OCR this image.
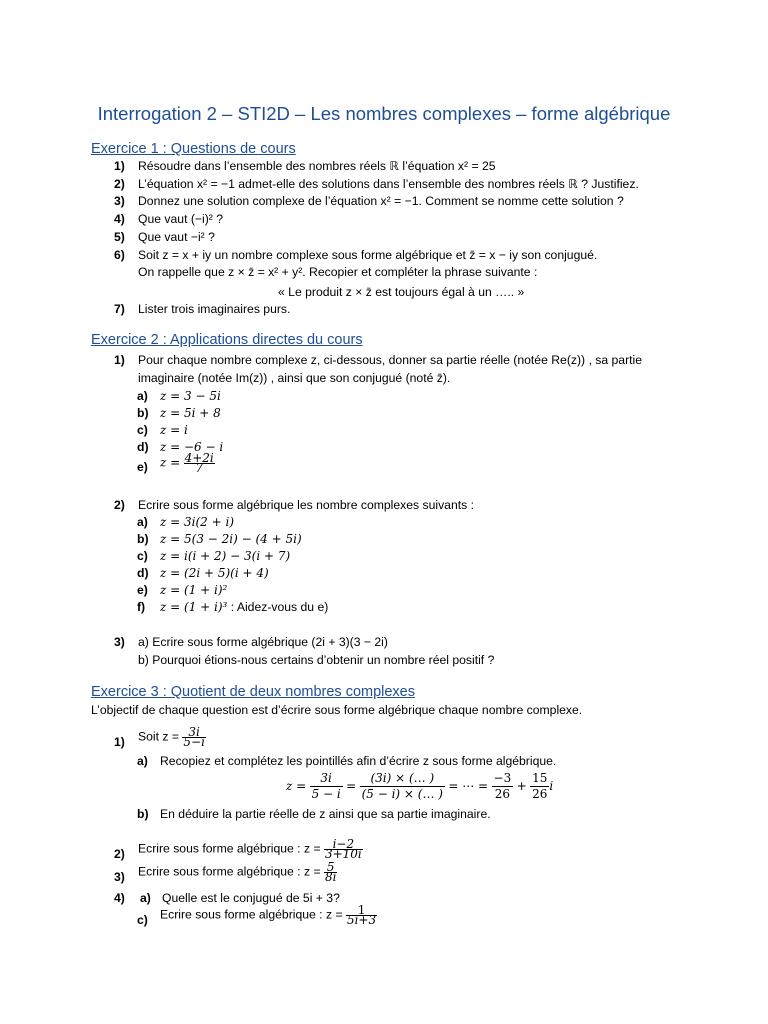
Interrogation 2 – STI2D – Les nombres complexes – forme algébrique
Exercice 1 : Questions de cours
1) Résoudre dans l’ensemble des nombres réels ℝ l’équation x² = 25
2) L’équation x² = −1 admet-elle des solutions dans l’ensemble des nombres réels ℝ ? Justifiez.
3) Donnez une solution complexe de l’équation x² = −1. Comment se nomme cette solution ?
4) Que vaut (−i)² ?
5) Que vaut −i² ?
6) Soit z = x + iy un nombre complexe sous forme algébrique et z̄ = x − iy son conjugué.
On rappelle que z × z̄ = x² + y². Recopier et compléter la phrase suivante :
« Le produit z × z̄ est toujours égal à un ….. »
7) Lister trois imaginaires purs.
Exercice 2 : Applications directes du cours
1) Pour chaque nombre complexe z, ci-dessous, donner sa partie réelle (notée Re(z)) , sa partie
imaginaire (notée Im(z)) , ainsi que son conjugué (noté z̄).
a) z = 3 − 5i
b) z = 5i + 8
c) z = i
d) z = −6 − i
e) $z = \frac{4+2i}{7}$
2) Ecrire sous forme algébrique les nombre complexes suivants :
a) z = 3i(2 + i)
b) z = 5(3 − 2i) − (4 + 5i)
c) z = i(i + 2) − 3(i + 7)
d) z = (2i + 5)(i + 4)
e) z = (1 + i)²
f) z = (1 + i)³ : Aidez-vous du e)
3) a) Ecrire sous forme algébrique (2i + 3)(3 − 2i)
b) Pourquoi étions-nous certains d’obtenir un nombre réel positif ?
Exercice 3 : Quotient de deux nombres complexes
L’objectif de chaque question est d’écrire sous forme algébrique chaque nombre complexe.
1) Soit $z = \frac{3i}{5-i}$
a) Recopiez et complétez les pointillés afin d’écrire z sous forme algébrique.
$z = \frac{3i}{5 - i} = \frac{(3i) \times (\dots )}{(5 - i) \times (\dots )}$ = ⋯ = $\frac{-3}{26} + \frac{15}{26}$ i
b) En déduire la partie réelle de z ainsi que sa partie imaginaire.
2) Ecrire sous forme algébrique : $z = \frac{i-2}{3+10i}$
3) Ecrire sous forme algébrique : $z = \frac{5}{8i}$
4) a) Quelle est le conjugué de 5i + 3?
c) Ecrire sous forme algébrique : $z = \frac{1}{5i+3}$
